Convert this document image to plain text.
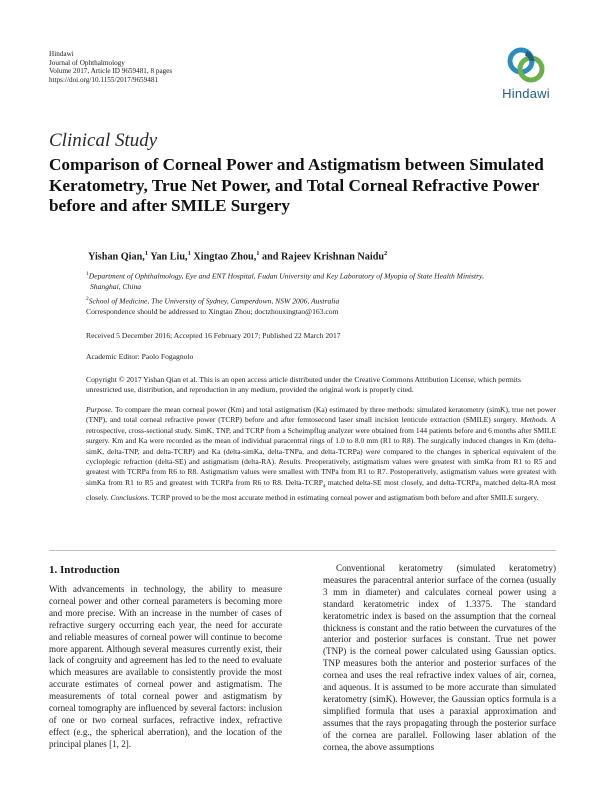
Hindawi
Journal of Ophthalmology
Volume 2017, Article ID 9659481, 8 pages
https://doi.org/10.1155/2017/9659481
Hindawi
Clinical Study
Comparison of Corneal Power and Astigmatism between Simulated Keratometry, True Net Power, and Total Corneal Refractive Power before and after SMILE Surgery
Yishan Qian,$^1$ Yan Liu,$^1$ Xingtao Zhou,$^1$ and Rajeev Krishnan Naidu$^2$

$^1$Department of Ophthalmology, Eye and ENT Hospital, Fudan University and Key Laboratory of Myopia of State Health Ministry,
Shanghai, China

$^2$School of Medicine, The University of Sydney, Camperdown, NSW 2006, Australia

Correspondence should be addressed to Xingtao Zhou; doctzhouxingtao@163.com
Received 5 December 2016; Accepted 16 February 2017; Published 22 March 2017
Academic Editor: Paolo Fogagnolo
Copyright © 2017 Yishan Qian et al. This is an open access article distributed under the Creative Commons Attribution License, which permits unrestricted use, distribution, and reproduction in any medium, provided the original work is properly cited.
Purpose. To compare the mean corneal power (Km) and total astigmatism (Ka) estimated by three methods: simulated keratometry (simK), true net power (TNP), and total corneal refractive power (TCRP) before and after femtosecond laser small incision lenticule extraction (SMILE) surgery. Methods. A retrospective, cross-sectional study. SimK, TNP, and TCRP from a Scheimpflug analyzer were obtained from 144 patients before and 6 months after SMILE surgery. Km and Ka were recorded as the mean of individual paracentral rings of 1.0 to 8.0 mm (R1 to R8). The surgically induced changes in Km (delta-simK, delta-TNP, and delta-TCRP) and Ka (delta-simKa, delta-TNPa, and delta-TCRPa) were compared to the changes in spherical equivalent of the cycloplegic refraction (delta-SE) and astigmatism (delta-RA). Results. Preoperatively, astigmatism values were greatest with simKa from R1 to R5 and greatest with TCRPa from R6 to R8. Astigmatism values were smallest with TNPa from R1 to R7. Postoperatively, astigmatism values were greatest with simKa from R1 to R5 and greatest with TCRPa from R6 to R8. Delta-$TCRP_4$ matched delta-SE most closely, and delta-TCRPa$_3$ matched delta-RA most closely. Conclusions. TCRP proved to be the most accurate method in estimating corneal power and astigmatism both before and after SMILE surgery.
1. Introduction

With advancements in technology, the ability to measure corneal power and other corneal parameters is becoming more and more precise. With an increase in the number of cases of refractive surgery occurring each year, the need for accurate and reliable measures of corneal power will continue to become more apparent. Although several measures currently exist, their lack of congruity and agreement has led to the need to evaluate which measures are available to consistently provide the most accurate estimates of corneal power and astigmatism. The measurements of total corneal power and astigmatism by corneal tomography are influenced by several factors: inclusion of one or two corneal surfaces, refractive index, refractive effect (e.g., the spherical aberration), and the location of the principal planes [1, 2].

Conventional keratometry (simulated keratometry) measures the paracentral anterior surface of the cornea (usually 3 mm in diameter) and calculates corneal power using a standard keratometric index of 1.3375. The standard keratometric index is based on the assumption that the corneal thickness is constant and the ratio between the curvatures of the anterior and posterior surfaces is constant. True net power (TNP) is the corneal power calculated using Gaussian optics. TNP measures both the anterior and posterior surfaces of the cornea and uses the real refractive index values of air, cornea, and aqueous. It is assumed to be more accurate than simulated keratometry (simK). However, the Gaussian optics formula is a simplified formula that uses a paraxial approximation and assumes that the rays propagating through the posterior surface of the cornea are parallel. Following laser ablation of the cornea, the above assumptions
